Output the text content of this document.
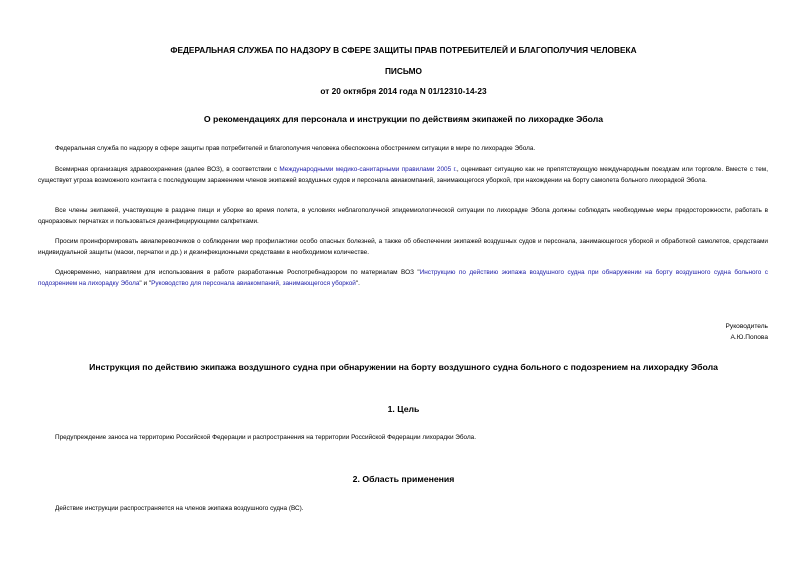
ФЕДЕРАЛЬНАЯ СЛУЖБА ПО НАДЗОРУ В СФЕРЕ ЗАЩИТЫ ПРАВ ПОТРЕБИТЕЛЕЙ И БЛАГОПОЛУЧИЯ ЧЕЛОВЕКА
ПИСЬМО
от 20 октября 2014 года N 01/12310-14-23
О рекомендациях для персонала и инструкции по действиям экипажей по лихорадке Эбола
Федеральная служба по надзору в сфере защиты прав потребителей и благополучия человека обеспокоена обострением ситуации в мире по лихорадке Эбола.
Всемирная организация здравоохранения (далее ВОЗ), в соответствии с Международными медико-санитарными правилами 2005 г., оценивает ситуацию как не препятствующую международным поездкам или торговле. Вместе с тем, существует угроза возможного контакта с последующим заражением членов экипажей воздушных судов и персонала авиакомпаний, занимающегося уборкой, при нахождении на борту самолета больного лихорадкой Эбола.
Все члены экипажей, участвующие в раздаче пищи и уборке во время полета, в условиях неблагополучной эпидемиологической ситуации по лихорадке Эбола должны соблюдать необходимые меры предосторожности, работать в одноразовых перчатках и пользоваться дезинфицирующими салфетками.
Просим проинформировать авиаперевозчиков о соблюдении мер профилактики особо опасных болезней, а также об обеспечении экипажей воздушных судов и персонала, занимающегося уборкой и обработкой самолетов, средствами индивидуальной защиты (маски, перчатки и др.) и дезинфекционными средствами в необходимом количестве.
Одновременно, направляем для использования в работе разработанные Роспотребнадзором по материалам ВОЗ "Инструкцию по действию экипажа воздушного судна при обнаружении на борту воздушного судна больного с подозрением на лихорадку Эбола" и "Руководство для персонала авиакомпаний, занимающегося уборкой".
Руководитель
А.Ю.Попова
Инструкция по действию экипажа воздушного судна при обнаружении на борту воздушного судна больного с подозрением на лихорадку Эбола
1. Цель
Предупреждение заноса на территорию Российской Федерации и распространения на территории Российской Федерации лихорадки Эбола.
2. Область применения
Действие инструкции распространяется на членов экипажа воздушного судна (ВС).
